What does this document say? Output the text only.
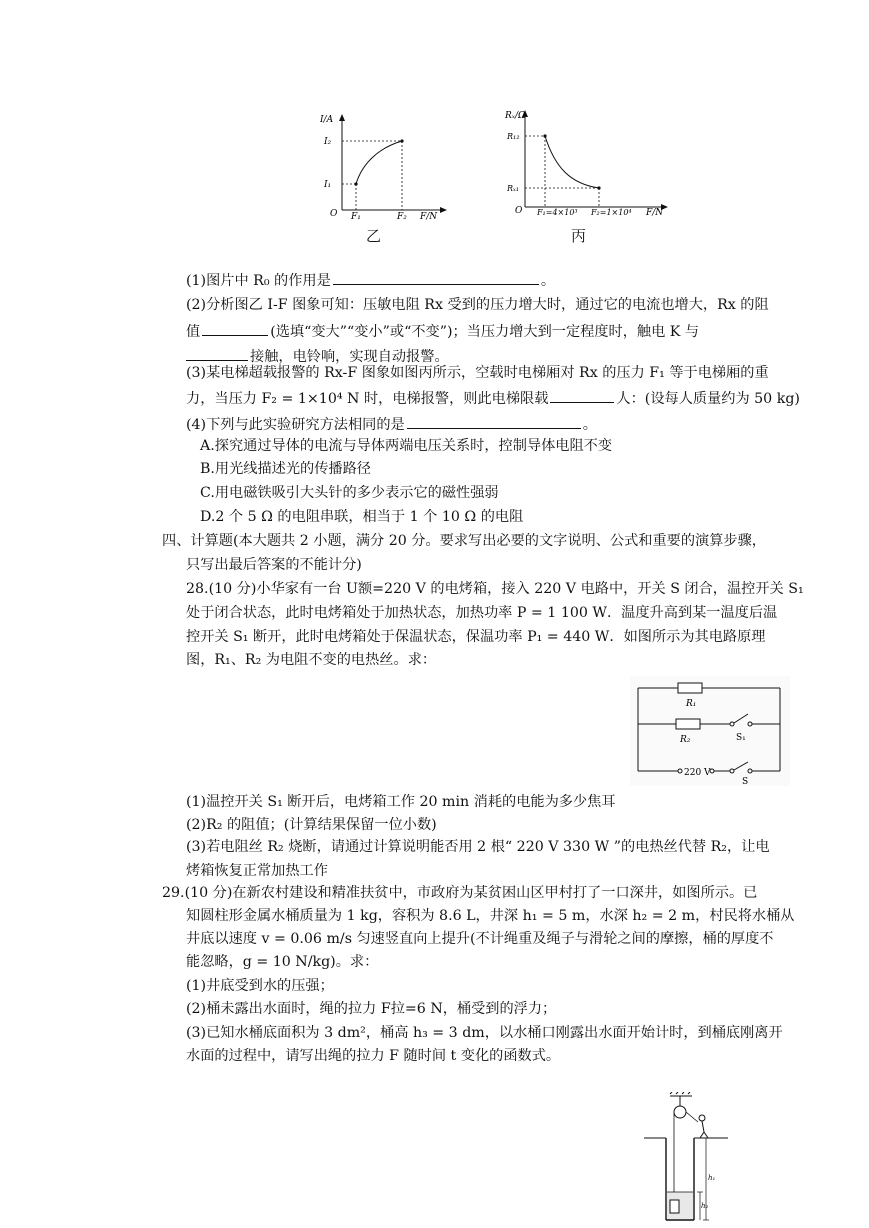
I/A
I₂
I₁
O F₁	F₂ F/N
乙
Rₓ/Ω
R₁₂
Rₓ₁
O F₁=4×10³ F₂=1×10⁴ F/N
丙
(1)图片中 R₀ 的作用是	。
(2)分析图乙 I-F 图象可知：压敏电阻 Rx 受到的压力增大时，通过它的电流也增大，Rx 的阻
值	(选填“变大”“变小”或“不变”)；当压力增大到一定程度时，触电 K 与
接触，电铃响，实现自动报警。
(3)某电梯超载报警的 Rx-F 图象如图丙所示，空载时电梯厢对 Rx 的压力 F₁ 等于电梯厢的重
力，当压力 F₂ = 1×10⁴ N 时，电梯报警，则此电梯限载	人：(设每人质量约为 50 kg)
(4)下列与此实验研究方法相同的是	。
A.探究通过导体的电流与导体两端电压关系时，控制导体电阻不变
B.用光线描述光的传播路径
C.用电磁铁吸引大头针的多少表示它的磁性强弱
D.2 个 5 Ω 的电阻串联，相当于 1 个 10 Ω 的电阻
四、计算题(本大题共 2 小题，满分 20 分。要求写出必要的文字说明、公式和重要的演算步骤，
只写出最后答案的不能计分)
28.(10 分)小华家有一台 U额=220 V 的电烤箱，接入 220 V 电路中，开关 S 闭合，温控开关 S₁
处于闭合状态，此时电烤箱处于加热状态，加热功率 P = 1 100 W．温度升高到某一温度后温
控开关 S₁ 断开，此时电烤箱处于保温状态，保温功率 P₁ = 440 W．如图所示为其电路原理
图，R₁、R₂ 为电阻不变的电热丝。求：
R₁
R₂	S₁
220 V
S
(1)温控开关 S₁ 断开后，电烤箱工作 20 min 消耗的电能为多少焦耳
(2)R₂ 的阻值；(计算结果保留一位小数)
(3)若电阻丝 R₂ 烧断，请通过计算说明能否用 2 根“ 220 V 330 W ”的电热丝代替 R₂，让电
烤箱恢复正常加热工作
29.(10 分)在新农村建设和精准扶贫中，市政府为某贫困山区甲村打了一口深井，如图所示。已
知圆柱形金属水桶质量为 1 kg，容积为 8.6 L，井深 h₁ = 5 m，水深 h₂ = 2 m，村民将水桶从
井底以速度 v = 0.06 m/s 匀速竖直向上提升(不计绳重及绳子与滑轮之间的摩擦，桶的厚度不
能忽略，g = 10 N/kg)。求：
(1)井底受到水的压强；
(2)桶未露出水面时，绳的拉力 F拉=6 N，桶受到的浮力；
(3)已知水桶底面积为 3 dm²，桶高 h₃ = 3 dm，以水桶口刚露出水面开始计时，到桶底刚离开
水面的过程中，请写出绳的拉力 F 随时间 t 变化的函数式。
h₁
h₂
